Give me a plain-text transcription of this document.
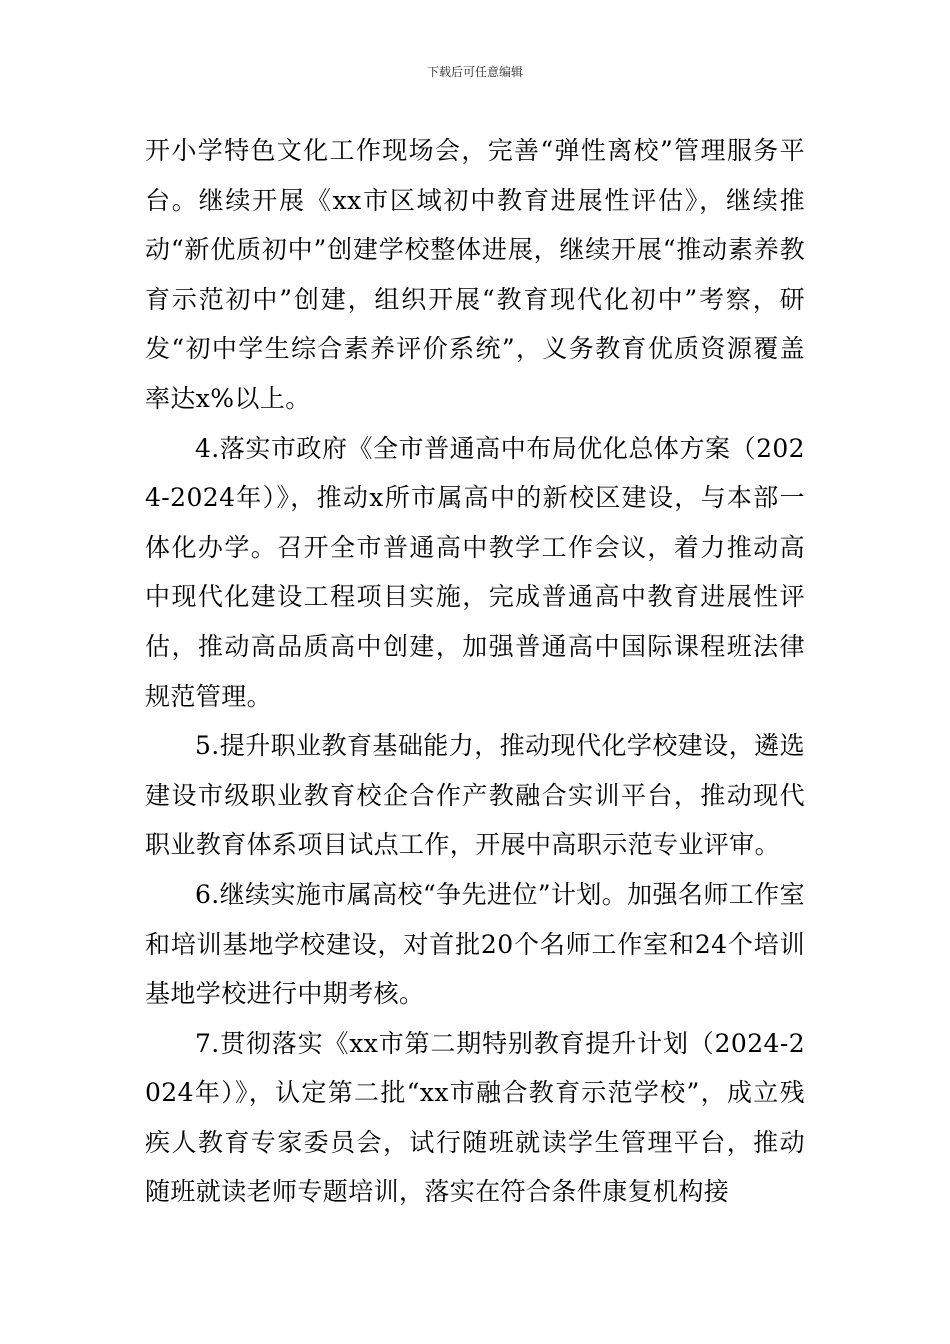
下载后可任意编辑

开小学特色文化工作现场会，完善“弹性离校”管理服务平台。继续开展《xx市区域初中教育进展性评估》，继续推动“新优质初中”创建学校整体进展，继续开展“推动素养教育示范初中”创建，组织开展“教育现代化初中”考察，研发“初中学生综合素养评价系统”，义务教育优质资源覆盖率达x%以上。

4.落实市政府《全市普通高中布局优化总体方案（2024-2024年）》，推动x所市属高中的新校区建设，与本部一体化办学。召开全市普通高中教学工作会议，着力推动高中现代化建设工程项目实施，完成普通高中教育进展性评估，推动高品质高中创建，加强普通高中国际课程班法律规范管理。

5.提升职业教育基础能力，推动现代化学校建设，遴选建设市级职业教育校企合作产教融合实训平台，推动现代职业教育体系项目试点工作，开展中高职示范专业评审。

6.继续实施市属高校“争先进位”计划。加强名师工作室和培训基地学校建设，对首批20个名师工作室和24个培训基地学校进行中期考核。

7.贯彻落实《xx市第二期特别教育提升计划（2024-2024年）》，认定第二批“xx市融合教育示范学校”，成立残疾人教育专家委员会，试行随班就读学生管理平台，推动随班就读老师专题培训，落实在符合条件康复机构接
